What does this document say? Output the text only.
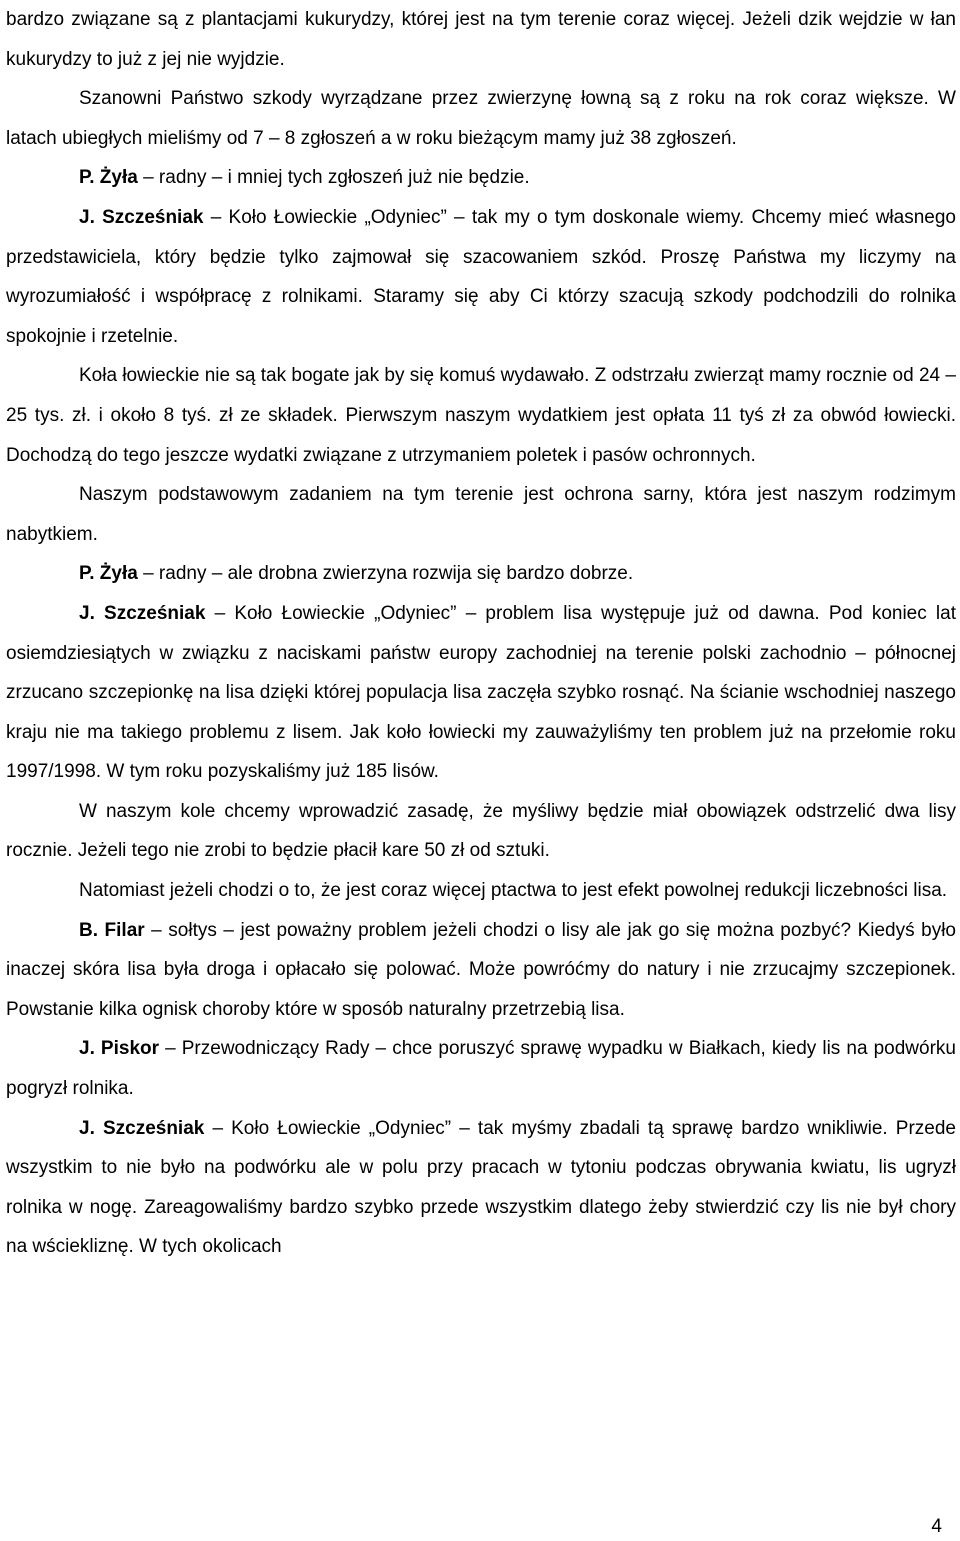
bardzo związane są z plantacjami kukurydzy, której jest na tym terenie coraz więcej. Jeżeli dzik wejdzie w łan kukurydzy to już z jej nie wyjdzie.

Szanowni Państwo szkody wyrządzane przez zwierzynę łowną są z roku na rok coraz większe. W latach ubiegłych mieliśmy od 7 – 8 zgłoszeń a w roku bieżącym mamy już 38 zgłoszeń.

P. Żyła – radny – i mniej tych zgłoszeń już nie będzie.

J. Szcześniak – Koło Łowieckie „Odyniec” – tak my o tym doskonale wiemy. Chcemy mieć własnego przedstawiciela, który będzie tylko zajmował się szacowaniem szkód. Proszę Państwa my liczymy na wyrozumiałość i współpracę z rolnikami. Staramy się aby Ci którzy szacują szkody podchodzili do rolnika spokojnie i rzetelnie.

Koła łowieckie nie są tak bogate jak by się komuś wydawało. Z odstrzału zwierząt mamy rocznie od 24 – 25 tys. zł. i około 8 tyś. zł ze składek. Pierwszym naszym wydatkiem jest opłata 11 tyś zł za obwód łowiecki. Dochodzą do tego jeszcze wydatki związane z utrzymaniem poletek i pasów ochronnych.

Naszym podstawowym zadaniem na tym terenie jest ochrona sarny, która jest naszym rodzimym nabytkiem.

P. Żyła – radny – ale drobna zwierzyna rozwija się bardzo dobrze.

J. Szcześniak – Koło Łowieckie „Odyniec” – problem lisa występuje już od dawna. Pod koniec lat osiemdziesiątych w związku z naciskami państw europy zachodniej na terenie polski zachodnio – północnej zrzucano szczepionkę na lisa dzięki której populacja lisa zaczęła szybko rosnąć. Na ścianie wschodniej naszego kraju nie ma takiego problemu z lisem. Jak koło łowiecki my zauważyliśmy ten problem już na przełomie roku 1997/1998. W tym roku pozyskaliśmy już 185 lisów.

W naszym kole chcemy wprowadzić zasadę, że myśliwy będzie miał obowiązek odstrzelić dwa lisy rocznie. Jeżeli tego nie zrobi to będzie płacił kare 50 zł od sztuki.

Natomiast jeżeli chodzi o to, że jest coraz więcej ptactwa to jest efekt powolnej redukcji liczebności lisa.

B. Filar – sołtys – jest poważny problem jeżeli chodzi o lisy ale jak go się można pozbyć? Kiedyś było inaczej skóra lisa była droga i opłacało się polować. Może powróćmy do natury i nie zrzucajmy szczepionek. Powstanie kilka ognisk choroby które w sposób naturalny przetrzebią lisa.

J. Piskor – Przewodniczący Rady – chce poruszyć sprawę wypadku w Białkach, kiedy lis na podwórku pogryzł rolnika.

J. Szcześniak – Koło Łowieckie „Odyniec” – tak myśmy zbadali tą sprawę bardzo wnikliwie. Przede wszystkim to nie było na podwórku ale w polu przy pracach w tytoniu podczas obrywania kwiatu, lis ugryzł rolnika w nogę. Zareagowaliśmy bardzo szybko przede wszystkim dlatego żeby stwierdzić czy lis nie był chory na wściekliznę. W tych okolicach

4
